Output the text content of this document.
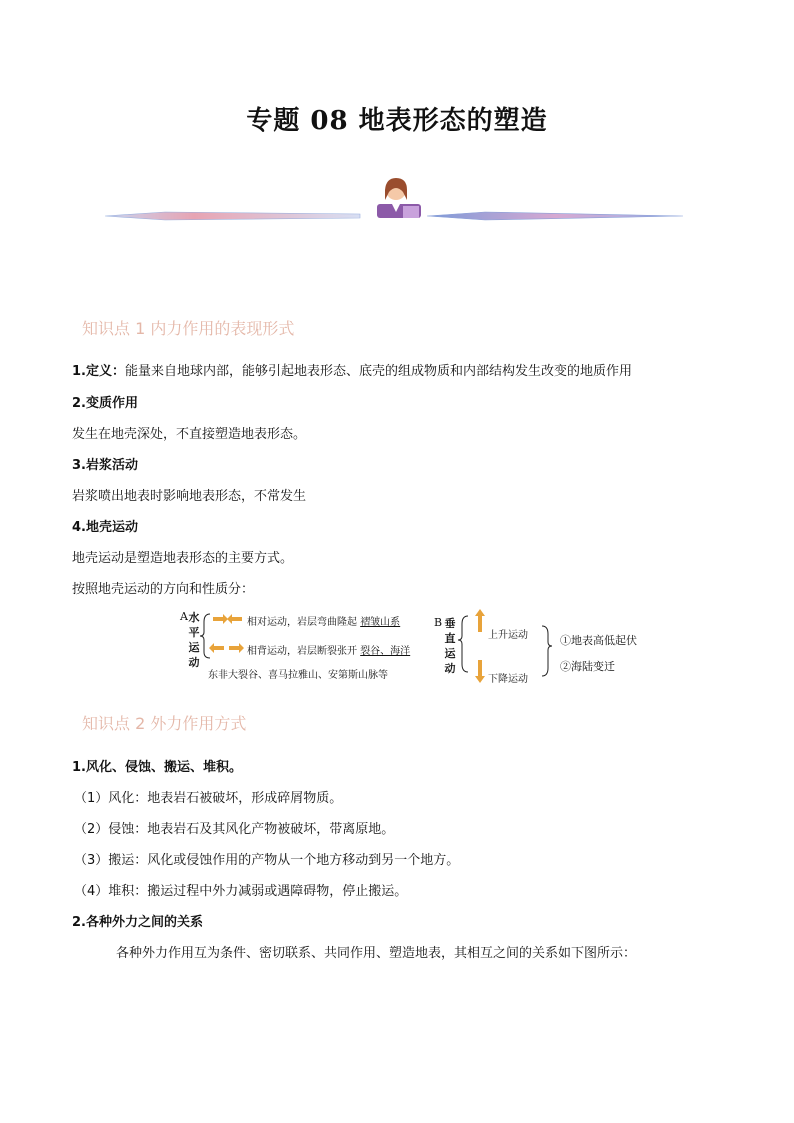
专题 08 地表形态的塑造
知识点 1 内力作用的表现形式
1.定义：能量来自地球内部，能够引起地表形态、底壳的组成物质和内部结构发生改变的地质作用
2.变质作用
发生在地壳深处，不直接塑造地表形态。
3.岩浆活动
岩浆喷出地表时影响地表形态，不常发生
4.地壳运动
地壳运动是塑造地表形态的主要方式。
按照地壳运动的方向和性质分：
A 水
平
运
动
相对运动，岩层弯曲隆起 褶皱山系
相背运动，岩层断裂张开 裂谷、海洋
东非大裂谷、喜马拉雅山、安第斯山脉等
B 垂
直
运
动
上升运动
下降运动
①地表高低起伏
②海陆变迁
知识点 2 外力作用方式
1.风化、侵蚀、搬运、堆积。
（1）风化：地表岩石被破坏，形成碎屑物质。
（2）侵蚀：地表岩石及其风化产物被破坏，带离原地。
（3）搬运：风化或侵蚀作用的产物从一个地方移动到另一个地方。
（4）堆积：搬运过程中外力减弱或遇障碍物，停止搬运。
2.各种外力之间的关系
各种外力作用互为条件、密切联系、共同作用、塑造地表，其相互之间的关系如下图所示：
